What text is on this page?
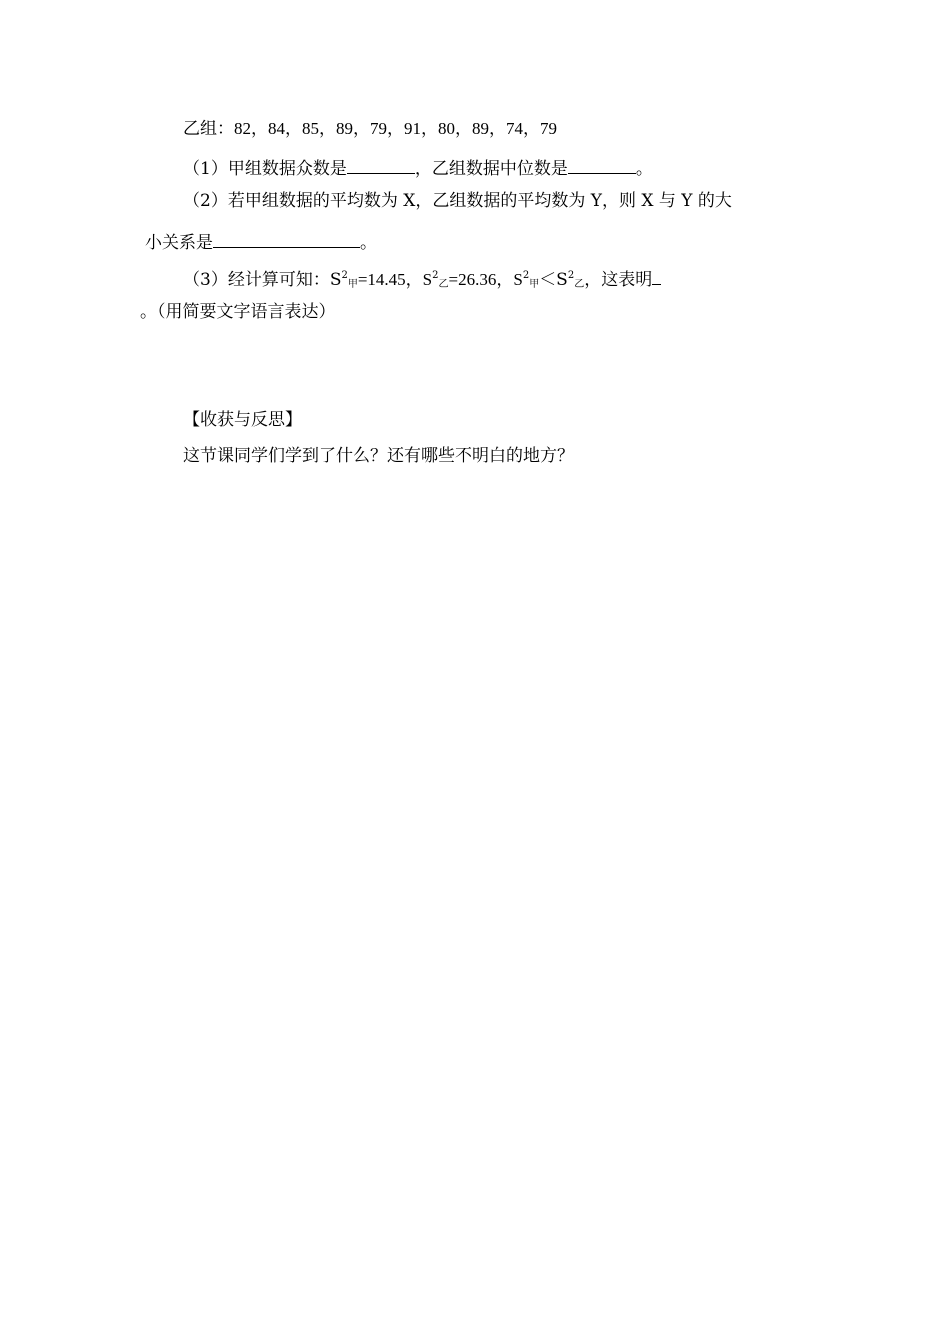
乙组：82，84，85，89，79，91，80，89，74，79
（1）甲组数据众数是	，乙组数据中位数是	。
（2）若甲组数据的平均数为 X，乙组数据的平均数为 Y，则 X 与 Y 的大
小关系是	。
（3）经计算可知：$S^2_甲=14.45$，$S^2_乙=26.36$，$S^2_甲<S^2_乙$，这表明
。（用简要文字语言表达）
【收获与反思】
这节课同学们学到了什么？还有哪些不明白的地方？
